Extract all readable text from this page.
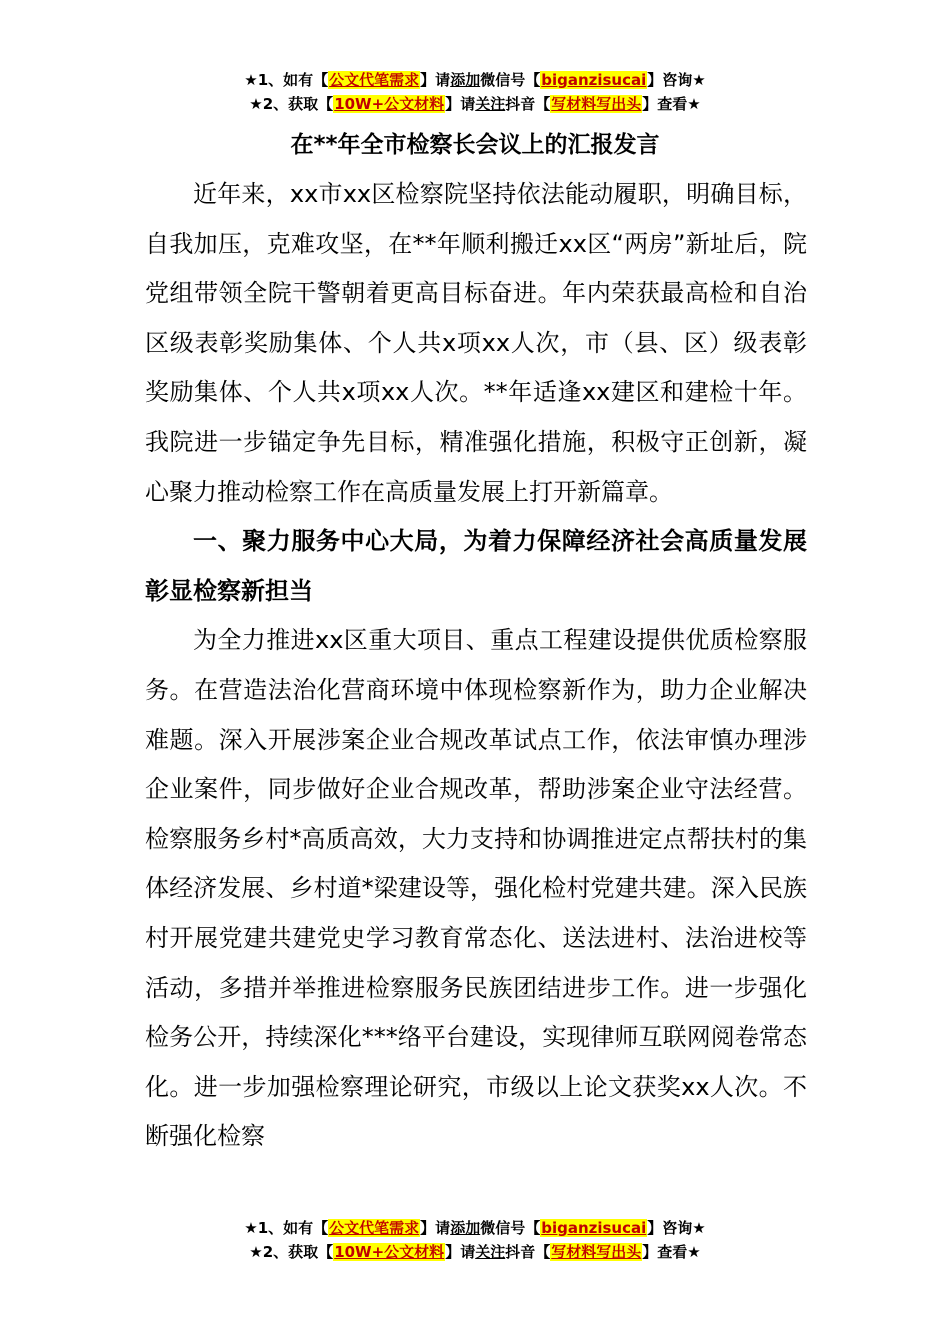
★1、如有【公文代笔需求】请添加微信号【biganzisucai】咨询★
★2、获取【10W+公文材料】请关注抖音【写材料写出头】查看★
在**年全市检察长会议上的汇报发言

近年来，xx市xx区检察院坚持依法能动履职，明确目标，自我加压，克难攻坚，在**年顺利搬迁xx区“两房”新址后，院党组带领全院干警朝着更高目标奋进。年内荣获最高检和自治区级表彰奖励集体、个人共x项xx人次，市（县、区）级表彰奖励集体、个人共x项xx人次。**年适逢xx建区和建检十年。我院进一步锚定争先目标，精准强化措施，积极守正创新，凝心聚力推动检察工作在高质量发展上打开新篇章。

一、聚力服务中心大局，为着力保障经济社会高质量发展彰显检察新担当

为全力推进xx区重大项目、重点工程建设提供优质检察服务。在营造法治化营商环境中体现检察新作为，助力企业解决难题。深入开展涉案企业合规改革试点工作，依法审慎办理涉企业案件，同步做好企业合规改革，帮助涉案企业守法经营。检察服务乡村*高质高效，大力支持和协调推进定点帮扶村的集体经济发展、乡村道*梁建设等，强化检村党建共建。深入民族村开展党建共建党史学习教育常态化、送法进村、法治进校等活动，多措并举推进检察服务民族团结进步工作。进一步强化检务公开，持续深化***络平台建设，实现律师互联网阅卷常态化。进一步加强检察理论研究，市级以上论文获奖xx人次。不断强化检察

★1、如有【公文代笔需求】请添加微信号【biganzisucai】咨询★
★2、获取【10W+公文材料】请关注抖音【写材料写出头】查看★
